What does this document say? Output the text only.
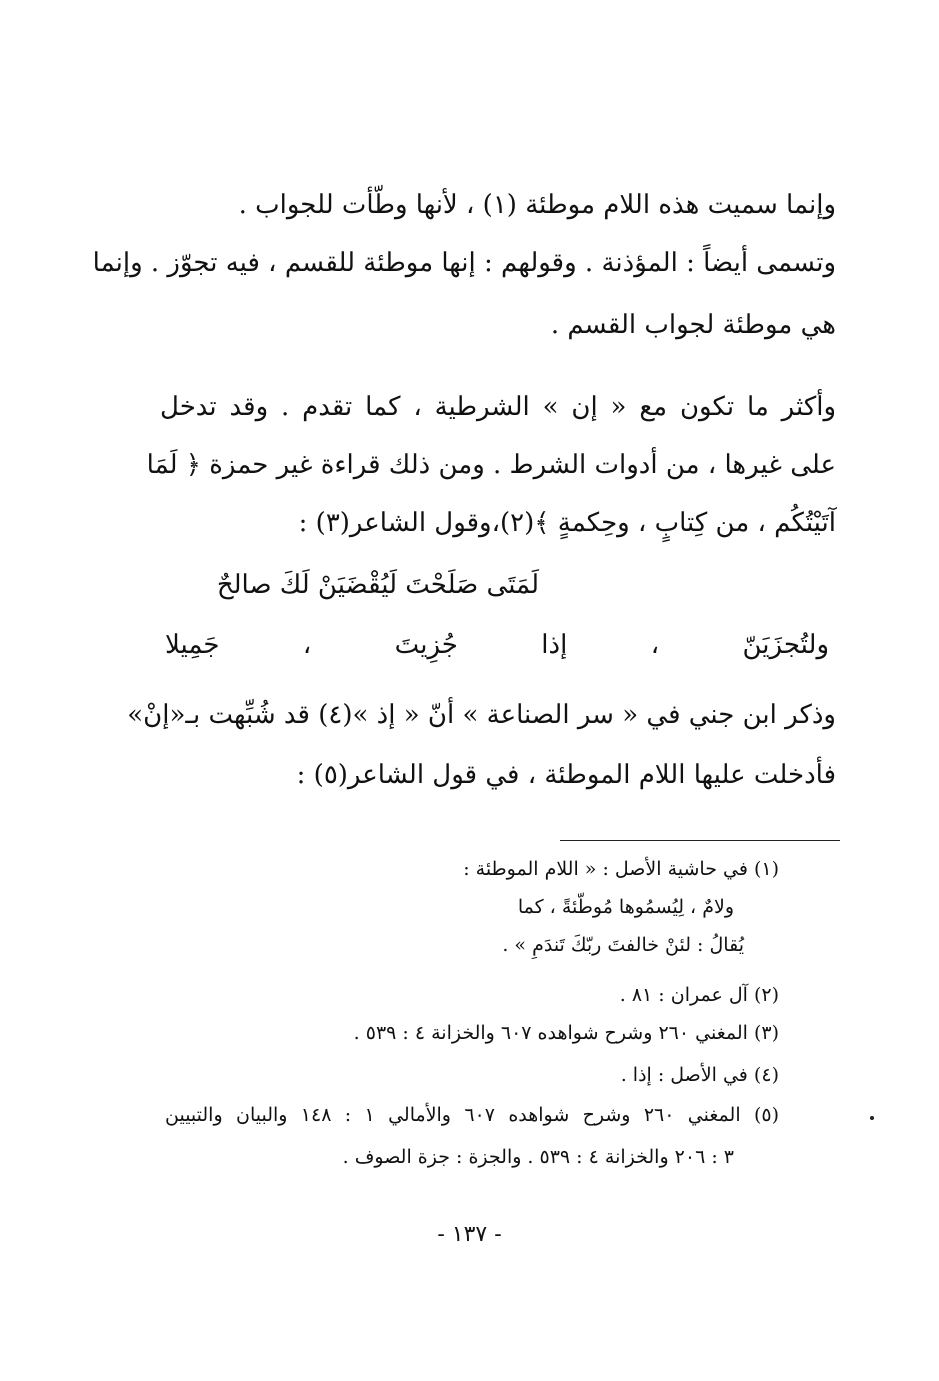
وإنما سميت هذه اللام موطئة (١) ، لأنها وطّأت للجواب .
وتسمى أيضاً : المؤذنة . وقولهم : إنها موطئة للقسم ، فيه تجوّز . وإنما
هي موطئة لجواب القسم .
وأكثر ما تكون مع « إن » الشرطية ، كما تقدم . وقد تدخل
على غيرها ، من أدوات الشرط . ومن ذلك قراءة غير حمزة ﴿ لَمَا
آتَيْتُكُم ، من كِتابٍ ، وحِكمةٍ ﴾(٢)،وقول الشاعر(٣) :
لَمَتَى صَلَحْتَ لَيُقْضَيَنْ لَكَ صالحٌ
ولتُجزَيَنّ ، إذا جُزِيتَ ، جَمِيلا
وذكر ابن جني في « سر الصناعة » أنّ « إذ »(٤) قد شُبِّهت بـ«إنْ»
فأدخلت عليها اللام الموطئة ، في قول الشاعر(٥) :
(١) في حاشية الأصل : « اللام الموطئة :
ولامٌ ، لِيُسمُوها مُوطّئةً ، كما
يُقالُ : لئنْ خالفتَ ربّكَ تَندَمِ » .
(٢) آل عمران : ٨١ .
(٣) المغني ٢٦٠ وشرح شواهده ٦٠٧ والخزانة ٤ : ٥٣٩ .
(٤) في الأصل : إذا .
(٥) المغني ٢٦٠ وشرح شواهده ٦٠٧ والأمالي ١ : ١٤٨ والبيان والتبيين
٣ : ٢٠٦ والخزانة ٤ : ٥٣٩ . والجزة : جزة الصوف .
- ١٣٧ -
